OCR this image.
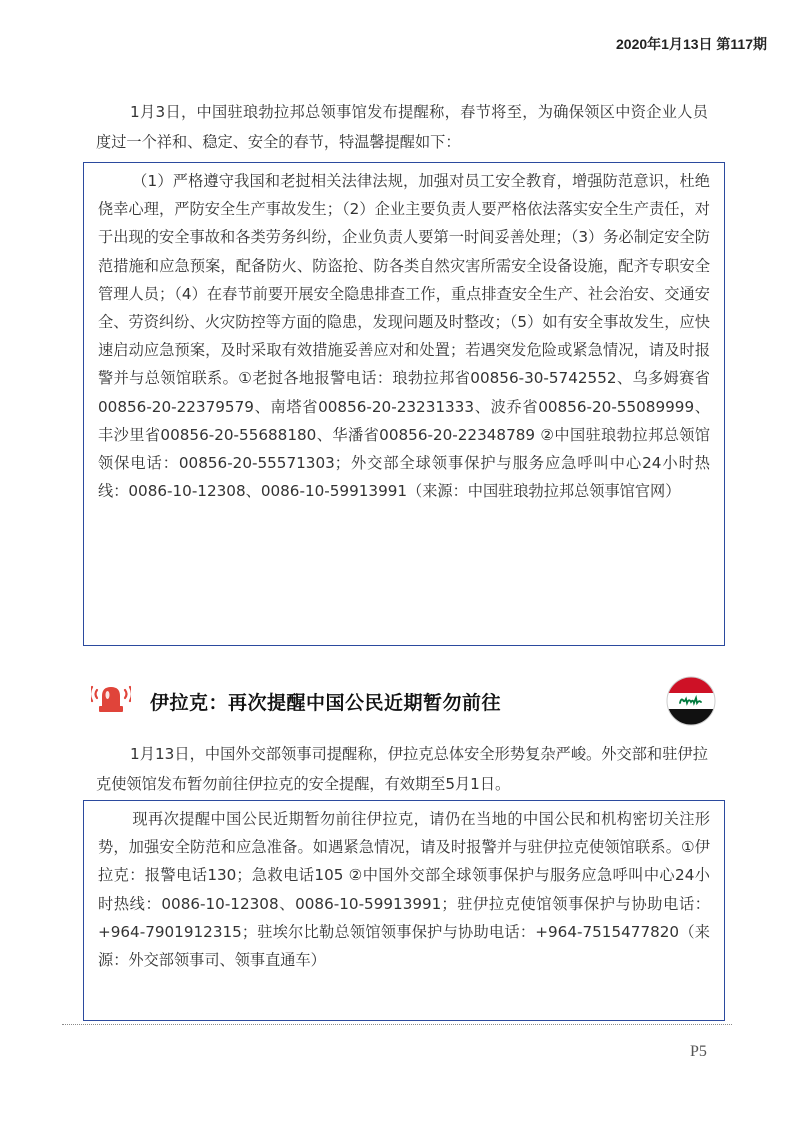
2020年1月13日 第117期

1月3日，中国驻琅勃拉邦总领事馆发布提醒称，春节将至，为确保领区中资企业人员度过一个祥和、稳定、安全的春节，特温馨提醒如下：

（1）严格遵守我国和老挝相关法律法规，加强对员工安全教育，增强防范意识，杜绝侥幸心理，严防安全生产事故发生；（2）企业主要负责人要严格依法落实安全生产责任，对于出现的安全事故和各类劳务纠纷，企业负责人要第一时间妥善处理；（3）务必制定安全防范措施和应急预案，配备防火、防盗抢、防各类自然灾害所需安全设备设施，配齐专职安全管理人员；（4）在春节前要开展安全隐患排查工作，重点排查安全生产、社会治安、交通安全、劳资纠纷、火灾防控等方面的隐患，发现问题及时整改；（5）如有安全事故发生，应快速启动应急预案，及时采取有效措施妥善应对和处置；若遇突发危险或紧急情况，请及时报警并与总领馆联系。①老挝各地报警电话：琅勃拉邦省00856-30-5742552、乌多姆赛省00856-20-22379579、南塔省00856-20-23231333、波乔省00856-20-55089999、丰沙里省00856-20-55688180、华潘省00856-20-22348789 ②中国驻琅勃拉邦总领馆领保电话：00856-20-55571303；外交部全球领事保护与服务应急呼叫中心24小时热线：0086-10-12308、0086-10-59913991（来源：中国驻琅勃拉邦总领事馆官网）

伊拉克：再次提醒中国公民近期暂勿前往

1月13日，中国外交部领事司提醒称，伊拉克总体安全形势复杂严峻。外交部和驻伊拉克使领馆发布暂勿前往伊拉克的安全提醒，有效期至5月1日。

现再次提醒中国公民近期暂勿前往伊拉克，请仍在当地的中国公民和机构密切关注形势，加强安全防范和应急准备。如遇紧急情况，请及时报警并与驻伊拉克使领馆联系。①伊拉克：报警电话130；急救电话105 ②中国外交部全球领事保护与服务应急呼叫中心24小时热线：0086-10-12308、0086-10-59913991；驻伊拉克使馆领事保护与协助电话：+964-7901912315；驻埃尔比勒总领馆领事保护与协助电话：+964-7515477820（来源：外交部领事司、领事直通车）

P5
